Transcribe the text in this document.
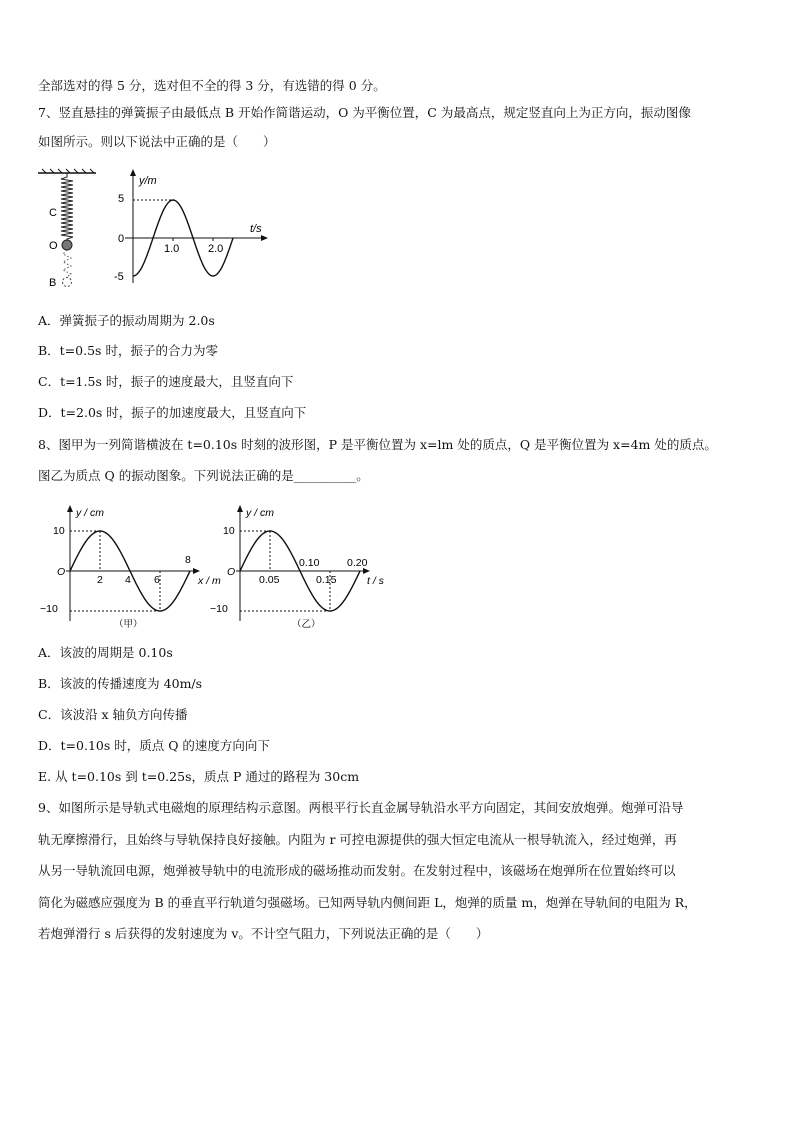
全部选对的得 5 分，选对但不全的得 3 分，有选错的得 0 分。
7、竖直悬挂的弹簧振子由最低点 B 开始作简谐运动，O 为平衡位置，C 为最高点，规定竖直向上为正方向，振动图像
如图所示。则以下说法中正确的是（　　）
C
O
B
y/m
t/s
5
0
-5
1.0	2.0
A．弹簧振子的振动周期为 2.0s
B．t=0.5s 时，振子的合力为零
C．t=1.5s 时，振子的速度最大，且竖直向下
D．t=2.0s 时，振子的加速度最大，且竖直向下
8、图甲为一列简谐横波在 t=0.10s 时刻的波形图，P 是平衡位置为 x=lm 处的质点，Q 是平衡位置为 x=4m 处的质点。
图乙为质点 Q 的振动图象。下列说法正确的是__________。
y / cm
x / m
O
10
−10
2 4 6
8
（甲）
y / cm
t / s
O
10
−10
0.05	0.15
0.10	0.20
（乙）
A．该波的周期是 0.10s
B．该波的传播速度为 40m/s
C．该波沿 x 轴负方向传播
D．t=0.10s 时，质点 Q 的速度方向向下
E. 从 t=0.10s 到 t=0.25s，质点 P 通过的路程为 30cm
9、如图所示是导轨式电磁炮的原理结构示意图。两根平行长直金属导轨沿水平方向固定，其间安放炮弹。炮弹可沿导
轨无摩擦滑行，且始终与导轨保持良好接触。内阻为 r 可控电源提供的强大恒定电流从一根导轨流入，经过炮弹，再
从另一导轨流回电源，炮弹被导轨中的电流形成的磁场推动而发射。在发射过程中，该磁场在炮弹所在位置始终可以
简化为磁感应强度为 B 的垂直平行轨道匀强磁场。已知两导轨内侧间距 L，炮弹的质量 m，炮弹在导轨间的电阻为 R，
若炮弹滑行 s 后获得的发射速度为 v。不计空气阻力，下列说法正确的是（　　）
